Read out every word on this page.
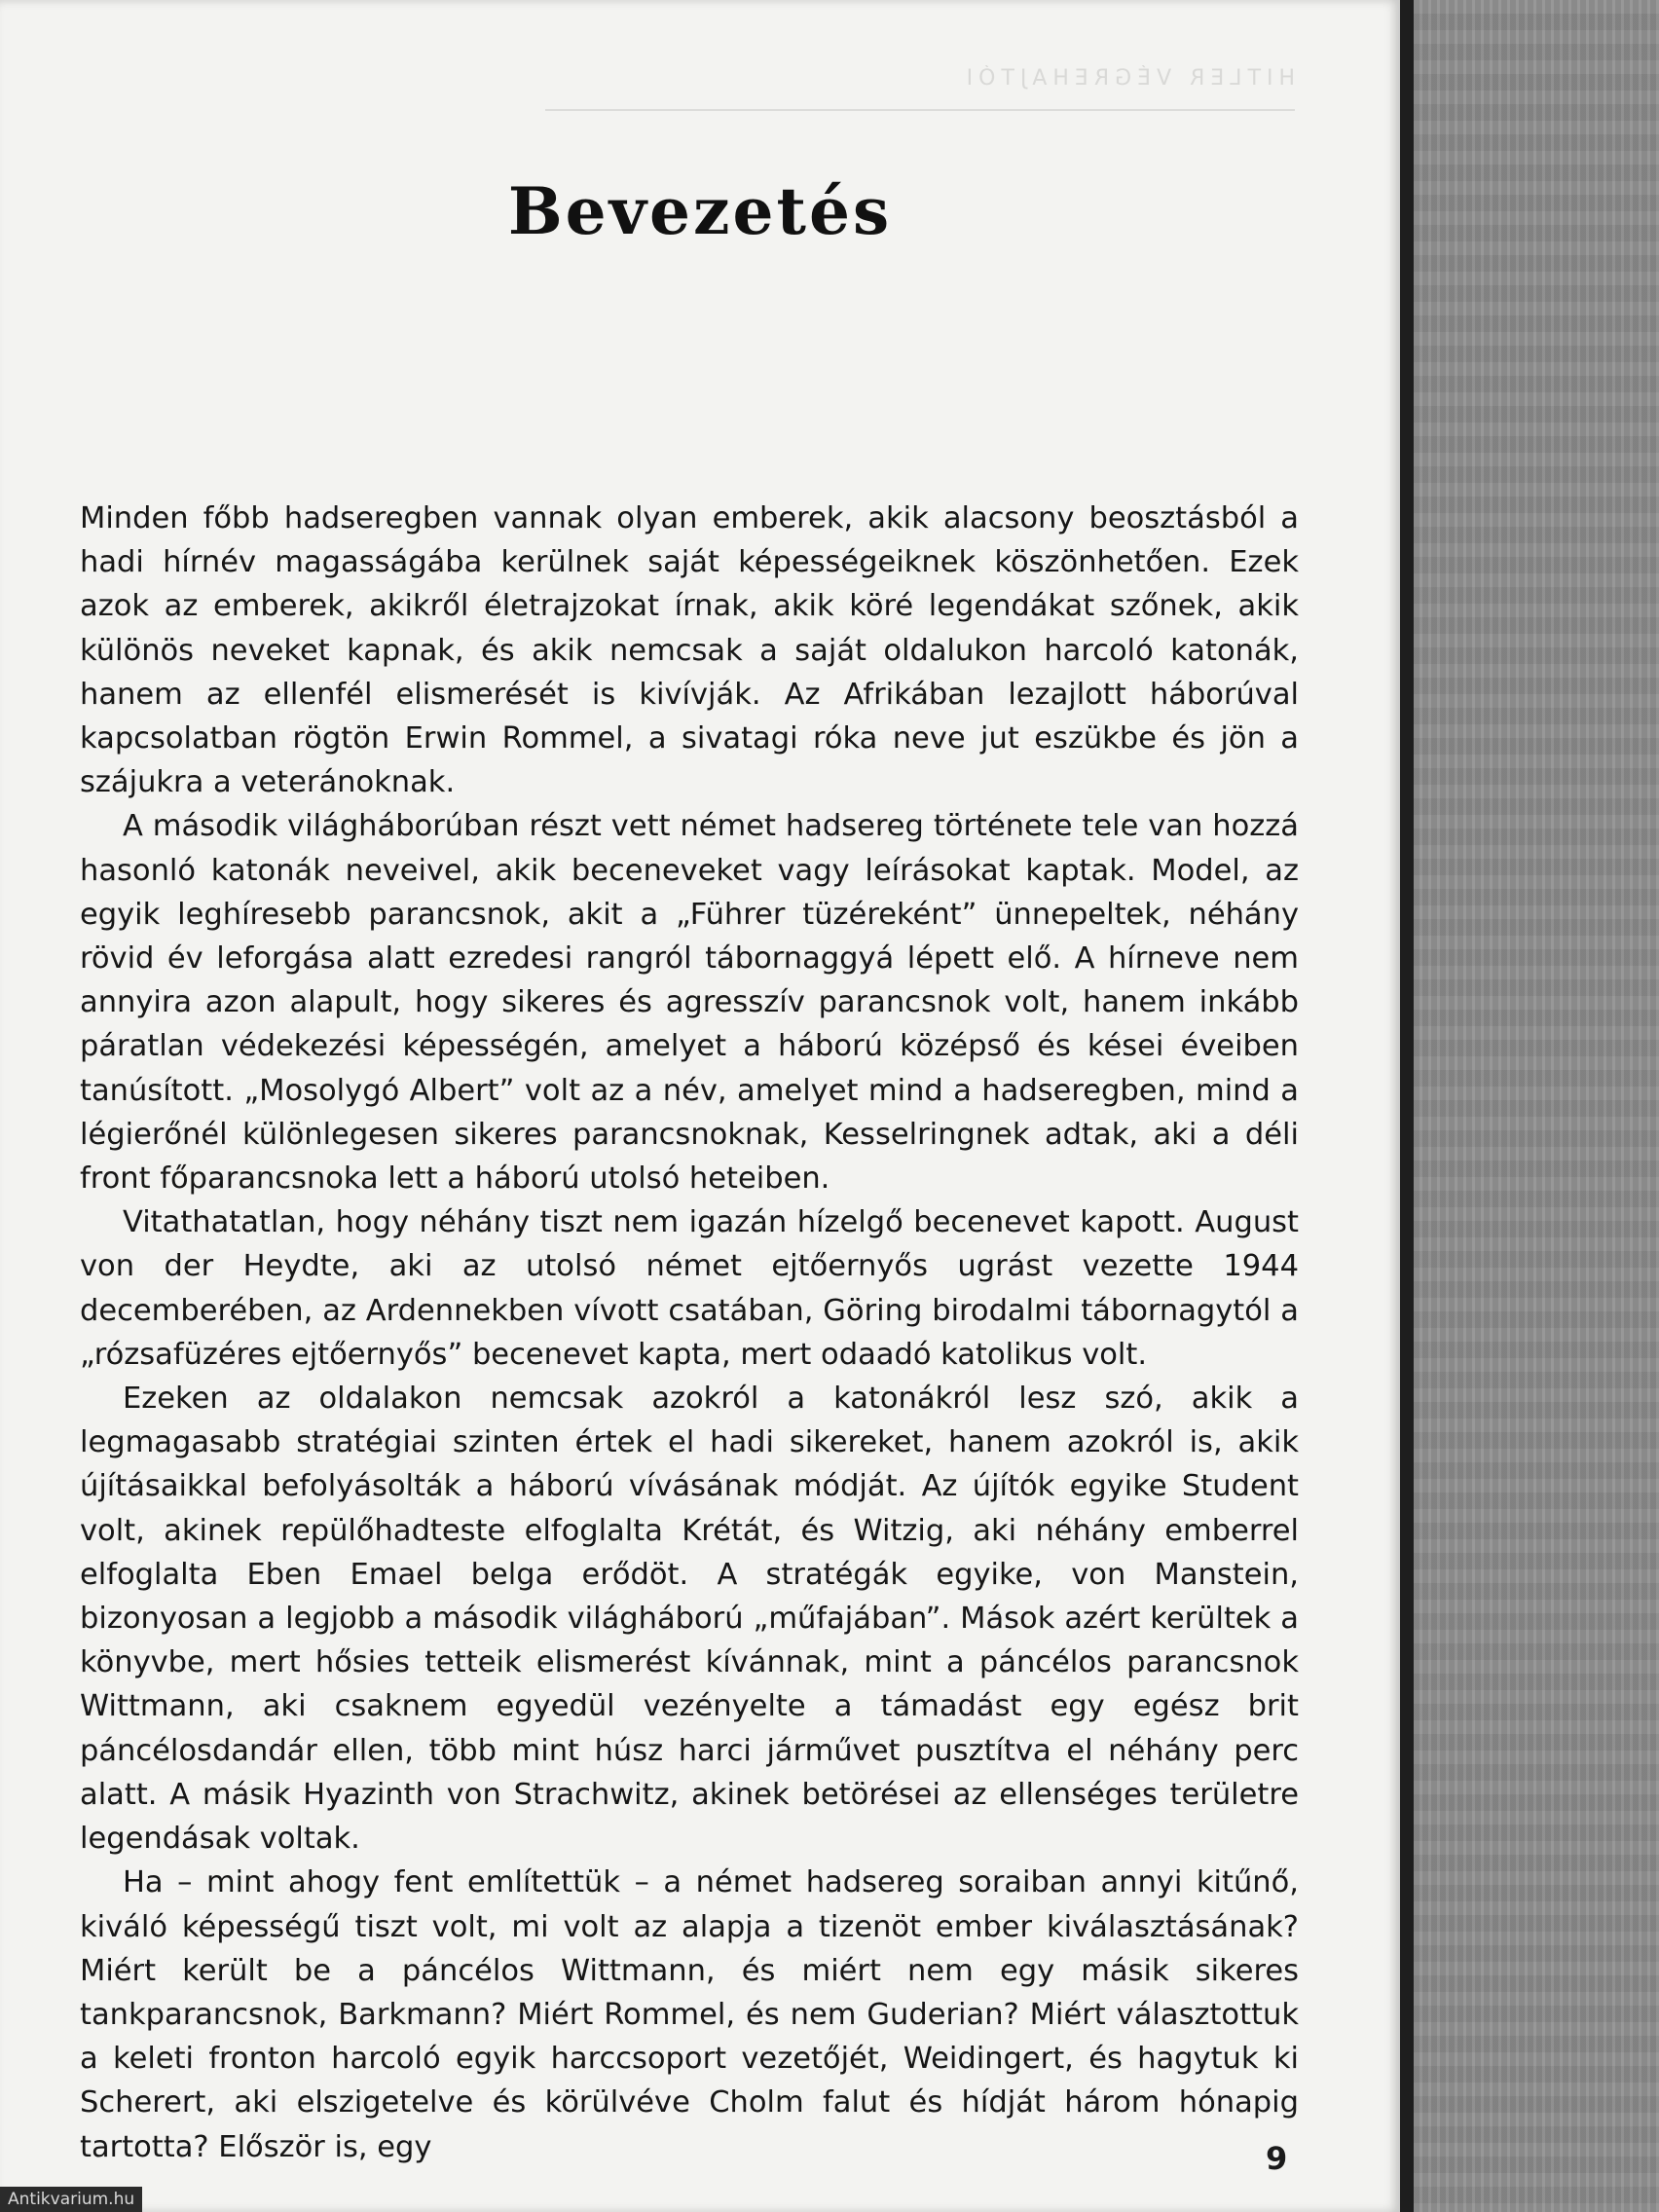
HITLER VÉGREHAJTÓI
Bevezetés

Minden főbb hadseregben vannak olyan emberek, akik alacsony beosztásból a hadi hírnév magasságába kerülnek saját képességeiknek köszönhetően. Ezek azok az emberek, akikről életrajzokat írnak, akik köré legendákat szőnek, akik különös neveket kapnak, és akik nemcsak a saját oldalukon harcoló katonák, hanem az ellenfél elismerését is kivívják. Az Afrikában lezajlott háborúval kapcsolatban rögtön Erwin Rommel, a sivatagi róka neve jut eszükbe és jön a szájukra a veteránoknak.

A második világháborúban részt vett német hadsereg története tele van hozzá hasonló katonák neveivel, akik beceneveket vagy leírásokat kaptak. Model, az egyik leghíresebb parancsnok, akit a „Führer tüzéreként” ünnepeltek, néhány rövid év leforgása alatt ezredesi rangról tábornaggyá lépett elő. A hírneve nem annyira azon alapult, hogy sikeres és agresszív parancsnok volt, hanem inkább páratlan védekezési képességén, amelyet a háború középső és kései éveiben tanúsított. „Mosolygó Albert” volt az a név, amelyet mind a hadseregben, mind a légierőnél különlegesen sikeres parancsnoknak, Kesselringnek adtak, aki a déli front főparancsnoka lett a háború utolsó heteiben.

Vitathatatlan, hogy néhány tiszt nem igazán hízelgő becenevet kapott. August von der Heydte, aki az utolsó német ejtőernyős ugrást vezette 1944 decemberében, az Ardennekben vívott csatában, Göring birodalmi tábornagytól a „rózsafüzéres ejtőernyős” becenevet kapta, mert odaadó katolikus volt.

Ezeken az oldalakon nemcsak azokról a katonákról lesz szó, akik a legmagasabb stratégiai szinten értek el hadi sikereket, hanem azokról is, akik újításaikkal befolyásolták a háború vívásának módját. Az újítók egyike Student volt, akinek repülőhadteste elfoglalta Krétát, és Witzig, aki néhány emberrel elfoglalta Eben Emael belga erődöt. A stratégák egyike, von Manstein, bizonyosan a legjobb a második világháború „műfajában”. Mások azért kerültek a könyvbe, mert hősies tetteik elismerést kívánnak, mint a páncélos parancsnok Wittmann, aki csaknem egyedül vezényelte a támadást egy egész brit páncélosdandár ellen, több mint húsz harci járművet pusztítva el néhány perc alatt. A másik Hyazinth von Strachwitz, akinek betörései az ellenséges területre legendásak voltak.

Ha – mint ahogy fent említettük – a német hadsereg soraiban annyi kitűnő, kiváló képességű tiszt volt, mi volt az alapja a tizenöt ember kiválasztásának? Miért került be a páncélos Wittmann, és miért nem egy másik sikeres tankparancsnok, Barkmann? Miért Rommel, és nem Guderian? Miért választottuk a keleti fronton harcoló egyik harccsoport vezetőjét, Weidingert, és hagytuk ki Scherert, aki elszigetelve és körülvéve Cholm falut és hídját három hónapig tartotta? Először is, egy	9
Antikvarium.hu
